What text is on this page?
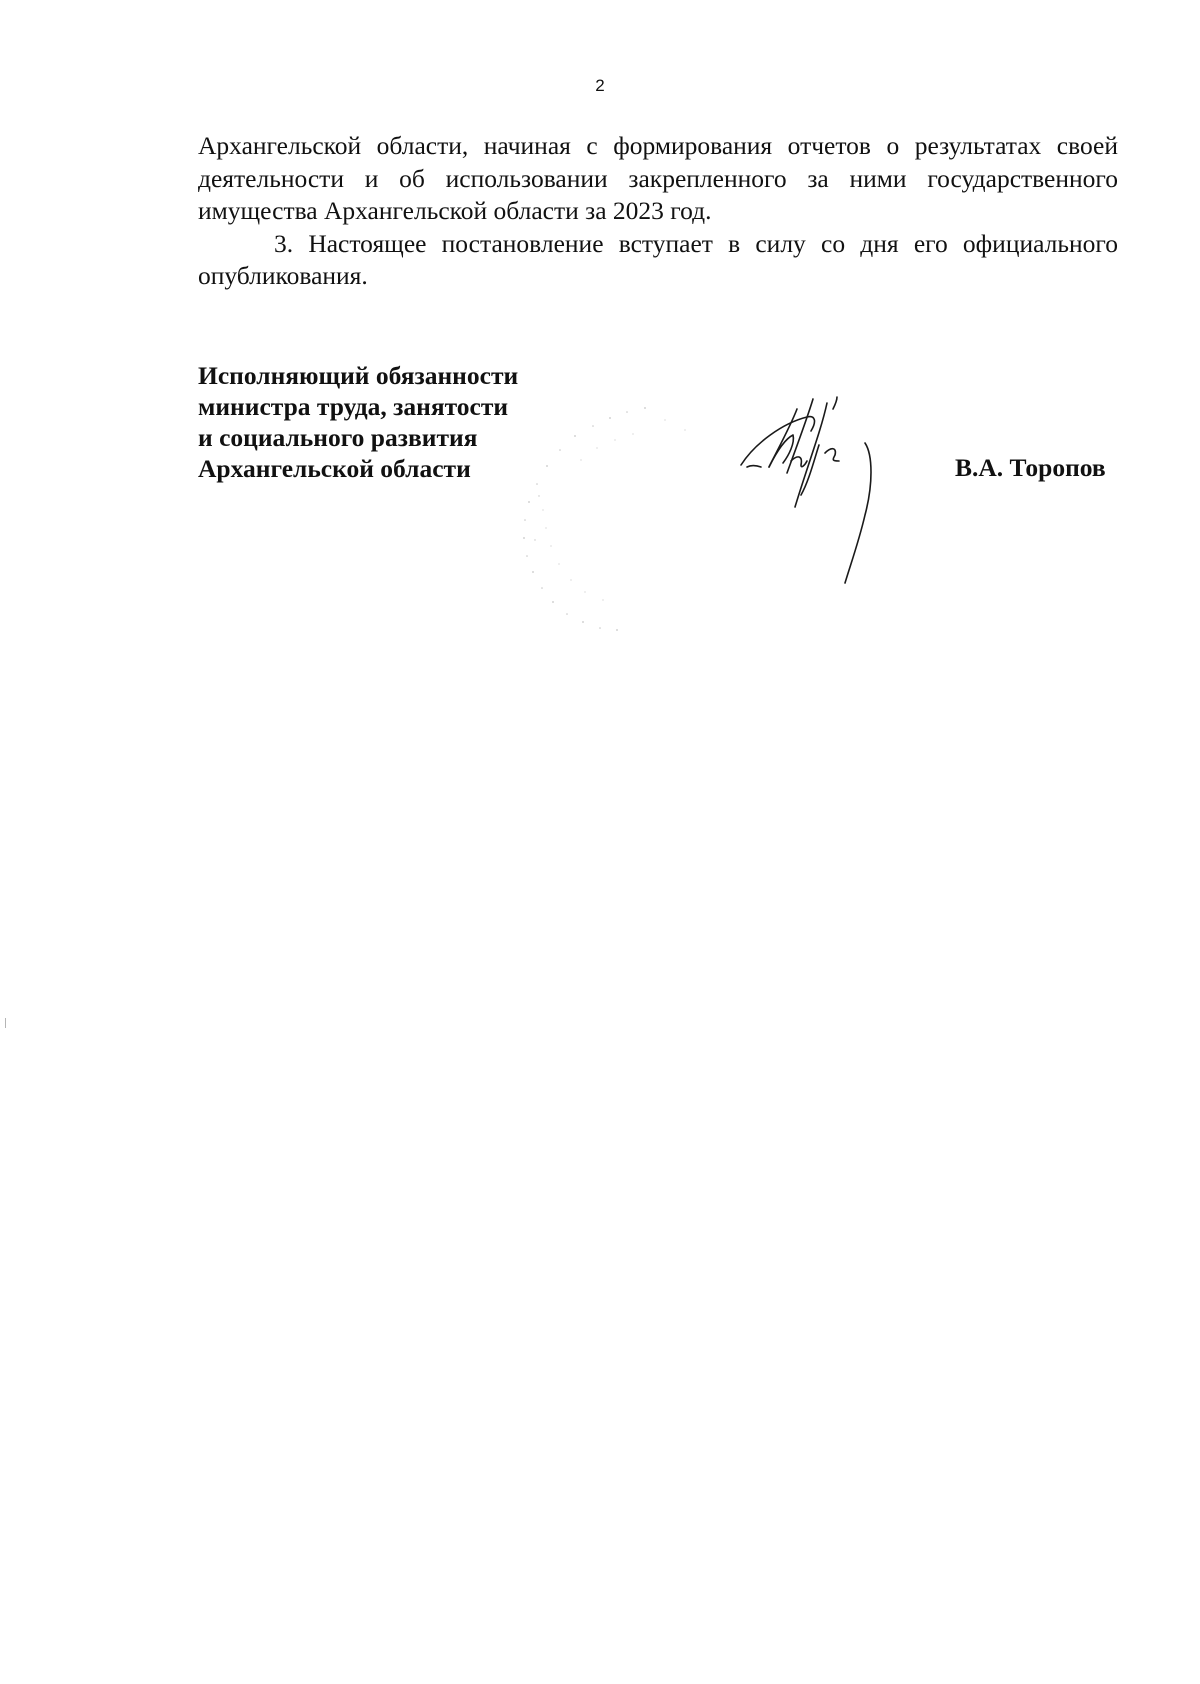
2

Архангельской области, начиная с формирования отчетов о результатах своей деятельности и об использовании закрепленного за ними государственного имущества Архангельской области за 2023 год.

3. Настоящее постановление вступает в силу со дня его официального опубликования.

Исполняющий обязанности
министра труда, занятости
и социального развития
Архангельской области	В.А. Торопов
